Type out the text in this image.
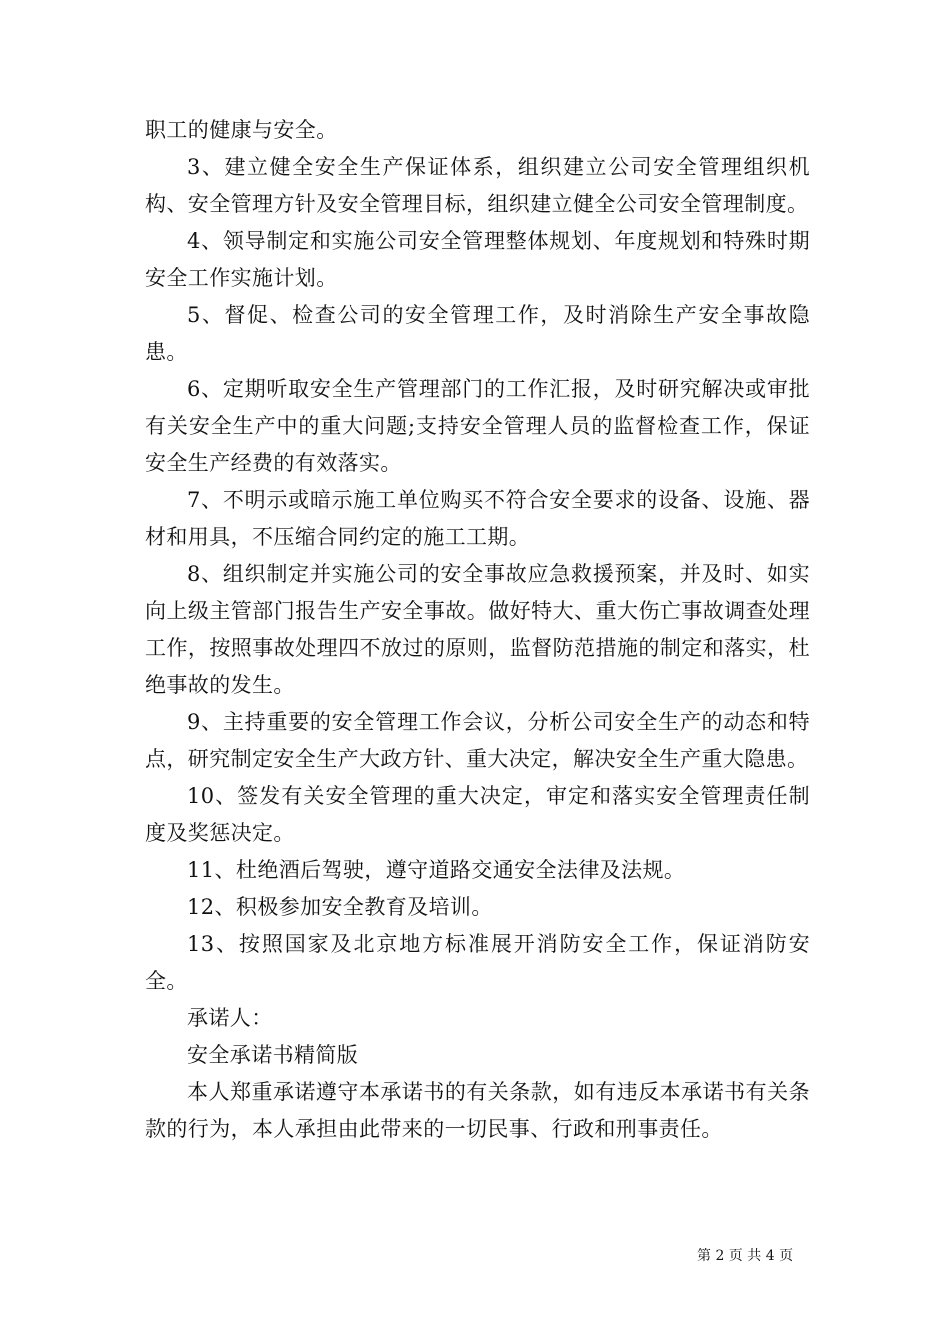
职工的健康与安全。

3、建立健全安全生产保证体系，组织建立公司安全管理组织机构、安全管理方针及安全管理目标，组织建立健全公司安全管理制度。

4、领导制定和实施公司安全管理整体规划、年度规划和特殊时期安全工作实施计划。

5、督促、检查公司的安全管理工作，及时消除生产安全事故隐患。

6、定期听取安全生产管理部门的工作汇报，及时研究解决或审批有关安全生产中的重大问题;支持安全管理人员的监督检查工作，保证安全生产经费的有效落实。

7、不明示或暗示施工单位购买不符合安全要求的设备、设施、器材和用具，不压缩合同约定的施工工期。

8、组织制定并实施公司的安全事故应急救援预案，并及时、如实向上级主管部门报告生产安全事故。做好特大、重大伤亡事故调查处理工作，按照事故处理四不放过的原则，监督防范措施的制定和落实，杜绝事故的发生。

9、主持重要的安全管理工作会议，分析公司安全生产的动态和特点，研究制定安全生产大政方针、重大决定，解决安全生产重大隐患。

10、签发有关安全管理的重大决定，审定和落实安全管理责任制度及奖惩决定。

11、杜绝酒后驾驶，遵守道路交通安全法律及法规。

12、积极参加安全教育及培训。

13、按照国家及北京地方标准展开消防安全工作，保证消防安全。

承诺人：

安全承诺书精简版

本人郑重承诺遵守本承诺书的有关条款，如有违反本承诺书有关条款的行为，本人承担由此带来的一切民事、行政和刑事责任。

第 2 页 共 4 页
